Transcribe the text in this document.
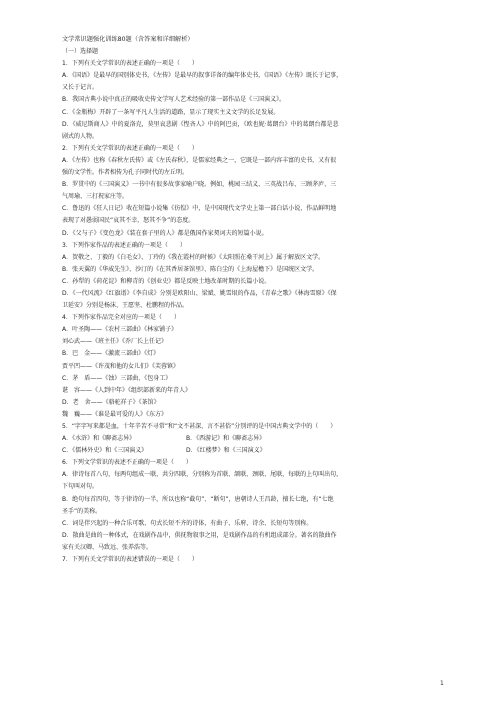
文学常识题强化训练80题（含答案和详细解析）
（一）选择题
1．下列有关文学常识的表述正确的一项是（　　）
A．《国语》是最早的国别体史书，《左传》是最早的叙事详备的编年体史书，《国语》《左传》既长于记事，
又长于记言。
B．我国古典小说中真正的吸收史传文学写人艺术经验的第一部作品是《三国演义》。
C．《金瓶梅》开辟了一条写平凡人生活的道路，显示了现实主义文学的长足发展。
D．《威尼斯商人》中的夏洛克，莫里哀悲剧《悭吝人》中的阿巴贡，《欧也妮·葛朗台》中的葛朗台都是悲
剧式的人物。
2．下列有关文学常识的表述正确的一项是（　　）
A．《左传》也称《春秋左氏传》或《左氏春秋》，是儒家经典之一，它既是一部内容丰富的史书，又有很
强的文学性。作者相传为孔子同时代的左丘明。
B．罗贯中的《三国演义》一书中有很多故事家喻户晓。例如，桃园三结义、三英战吕布、三顾茅庐、三
气周瑜、三打祝家庄等。
C．鲁迅的《狂人日记》收在短篇小说集《彷徨》中，是中国现代文学史上第一部白话小说，作品鲜明地
表现了对愚弱国民“哀其不幸，怒其不争”的态度。
D．《父与子》《变色龙》《装在套子里的人》都是俄国作家契诃夫的短篇小说。
3．下列作家作品的表述正确的一项是（　　）
A．贺敬之、丁毅的《白毛女》、丁玲的《我在霞村的时候》《太阳照在桑干河上》属于解放区文学。
B．张天翼的《华威先生》、沙汀的《在其香居茶馆里》、陈白尘的《上海屋檐下》是国统区文学。
C．孙犁的《荷花淀》和柳青的《创业史》都是反映土地改革时期的长篇小说。
D．《一代风流》《红旗谱》《李自成》分别是欧阳山、梁斌、姚雪垠的作品，《青春之歌》《林海雪原》《保
卫延安》分别是杨沫、王愿坚、杜鹏程的作品。
4．下列作家作品完全对应的一项是（　　）
A．叶圣陶——《农村三部曲》《林家铺子》
刘心武——《班主任》《乔厂长上任记》
B．巴　金——《激流三部曲》《灯》
贾平凹——《许茂和他的女儿们》《芙蓉镇》
C．茅　盾——《蚀》三部曲、《包身工》
谌　容——《人到中年》《组织部新来的年青人》
D．老　舍——《骆驼祥子》《茶馆》
魏　巍——《谁是最可爱的人》《东方》
5．“字字写来都是血，十年辛苦不寻常”和“文不甚深，言不甚俗”分别评的是中国古典文学中的（　　）
A．《水浒》和《聊斋志异》	B．《西游记》和《聊斋志异》
C．《儒林外史》和《三国演义》	D．《红楼梦》和《三国演义》
6．下列文学常识的表述不正确的一项是（　　）
A．律诗每首八句，每两句组成一联，共分四联，分别称为首联、颔联、颈联、尾联，每联的上句叫出句，
下句叫对句。
B．绝句每首四句，等于律诗的一半，所以也称“截句”、“断句”，唐朝诗人王昌龄，擅长七绝，有“七绝
圣手”的美称。
C．词是伴兴起的一种合乐可歌、句式长短不齐的诗体，有曲子、乐府、诗余、长短句等别称。
D．散曲是曲的一种体式，在戏剧作品中，供抚物叙事之用，是戏剧作品的有机组成部分。著名的散曲作
家有关汉卿、马致远、张养浩等。
7．下列有关文学常识的表述错误的一项是（　　）
1
